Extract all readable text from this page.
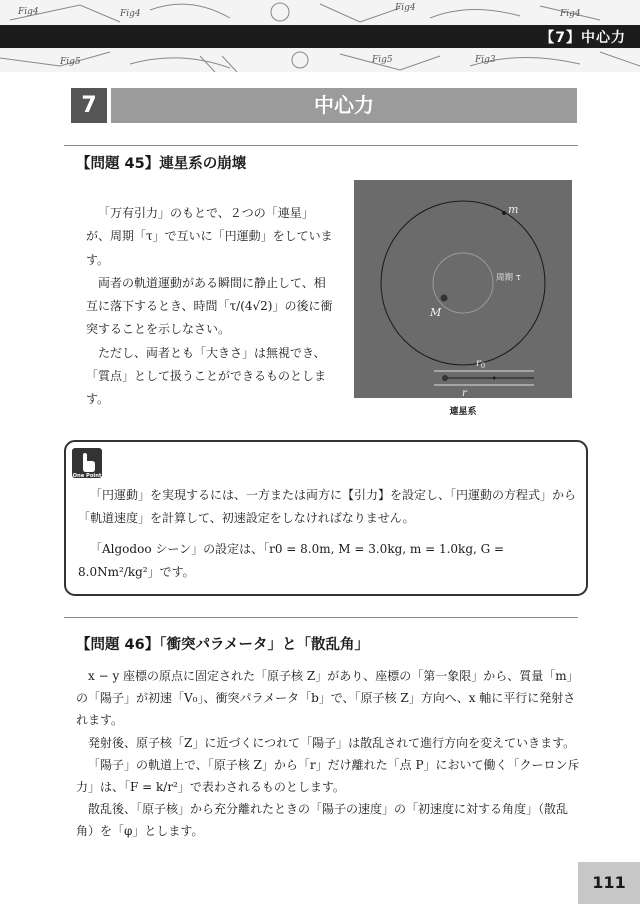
Fig4	Fig4
Fig4
Fig4
Fig5	Fig5	Fig3
【7】中心力
7	中心力
【問題 45】連星系の崩壊

「万有引力」のもとで、２つの「連星」が、周期「τ」で互いに「円運動」をしています。

両者の軌道運動がある瞬間に静止して、相互に落下するとき、時間「τ/(4√2)」の後に衝突することを示しなさい。

ただし、両者とも「大きさ」は無視でき、「質点」として扱うことができるものとします。

m
M
周期 τ
$r_0$
r
連星系
One Point

「円運動」を実現するには、一方または両方に【引力】を設定し、「円運動の方程式」から「軌道速度」を計算して、初速設定をしなければなりません。

「Algodoo シーン」の設定は、「r0 = 8.0m, M = 3.0kg, m = 1.0kg, G = 8.0Nm²/kg²」です。

【問題 46】「衝突パラメータ」と「散乱角」

x − y 座標の原点に固定された「原子核 Z」があり、座標の「第一象限」から、質量「m」の「陽子」が初速「V₀」、衝突パラメータ「b」で、「原子核 Z」方向へ、x 軸に平行に発射されます。

発射後、原子核「Z」に近づくにつれて「陽子」は散乱されて進行方向を変えていきます。

「陽子」の軌道上で、「原子核 Z」から「r」だけ離れた「点 P」において働く「クーロン斥力」は、「F = k/r²」で表わされるものとします。

散乱後、「原子核」から充分離れたときの「陽子の速度」の「初速度に対する角度」（散乱角）を「φ」とします。

111
